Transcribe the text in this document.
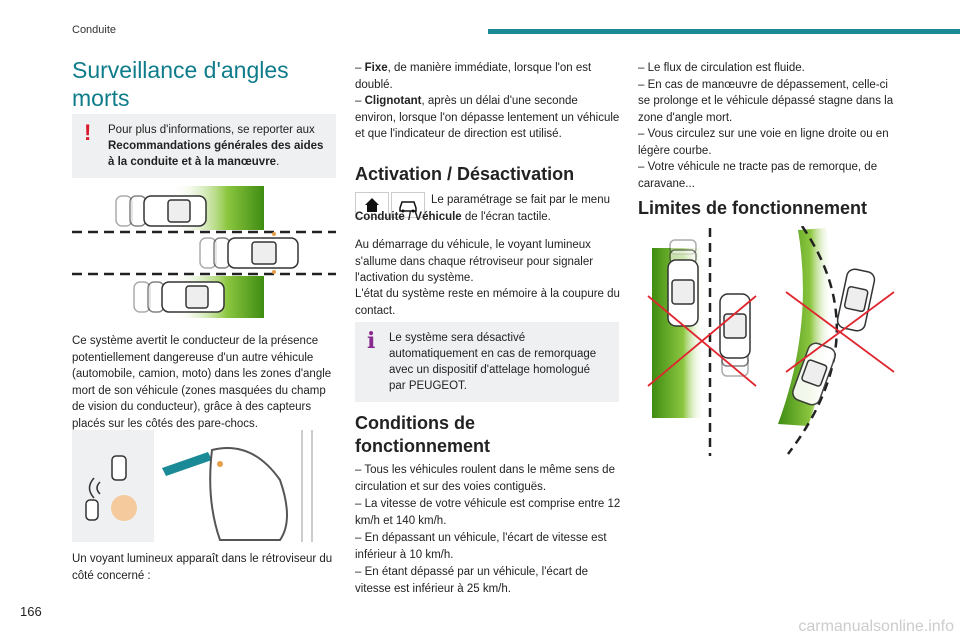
Conduite
Surveillance d'angles morts
! Pour plus d'informations, se reporter aux Recommandations générales des aides à la conduite et à la manœuvre.

Ce système avertit le conducteur de la présence potentiellement dangereuse d'un autre véhicule (automobile, camion, moto) dans les zones d'angle mort de son véhicule (zones masquées du champ de vision du conducteur), grâce à des capteurs placés sur les côtés des pare-chocs.

Un voyant lumineux apparaît dans le rétroviseur du côté concerné :

– Fixe, de manière immédiate, lorsque l'on est doublé.

– Clignotant, après un délai d'une seconde environ, lorsque l'on dépasse lentement un véhicule et que l'indicateur de direction est utilisé.

Activation / Désactivation

Le paramétrage se fait par le menu Conduite / Véhicule de l'écran tactile.

Au démarrage du véhicule, le voyant lumineux s'allume dans chaque rétroviseur pour signaler l'activation du système.

L'état du système reste en mémoire à la coupure du contact.

i Le système sera désactivé automatiquement en cas de remorquage avec un dispositif d'attelage homologué par PEUGEOT.
Conditions de fonctionnement

– Tous les véhicules roulent dans le même sens de circulation et sur des voies contiguës.

– La vitesse de votre véhicule est comprise entre 12 km/h et 140 km/h.

– En dépassant un véhicule, l'écart de vitesse est inférieur à 10 km/h.

– En étant dépassé par un véhicule, l'écart de vitesse est inférieur à 25 km/h.

– Le flux de circulation est fluide.

– En cas de manœuvre de dépassement, celle-ci se prolonge et le véhicule dépassé stagne dans la zone d'angle mort.

– Vous circulez sur une voie en ligne droite ou en légère courbe.

– Votre véhicule ne tracte pas de remorque, de caravane...

Limites de fonctionnement
166
carmanualsonline.info
